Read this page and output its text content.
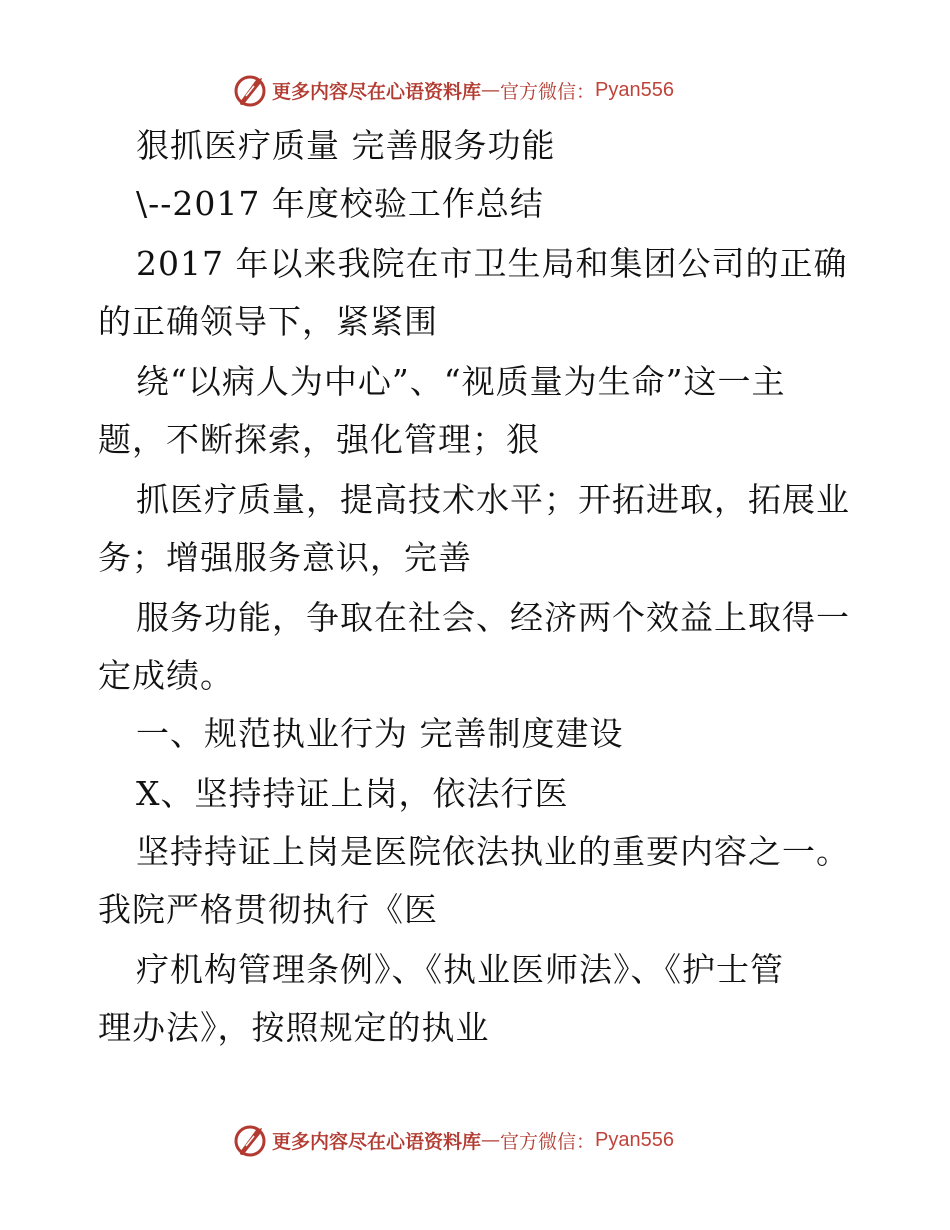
更多内容尽在心语资料库 — 官方微信： Pyan556
狠抓医疗质量 完善服务功能
\--2017 年度校验工作总结
2017 年以来我院在市卫生局和集团公司的正确
的正确领导下，紧紧围
绕“以病人为中心”、“视质量为生命”这一主
题，不断探索，强化管理；狠
抓医疗质量，提高技术水平；开拓进取，拓展业
务；增强服务意识，完善
服务功能，争取在社会、经济两个效益上取得一
定成绩。
一、规范执业行为 完善制度建设
X、坚持持证上岗，依法行医
坚持持证上岗是医院依法执业的重要内容之一。
我院严格贯彻执行《医
疗机构管理条例》、《执业医师法》、《护士管
理办法》，按照规定的执业
更多内容尽在心语资料库 — 官方微信： Pyan556
